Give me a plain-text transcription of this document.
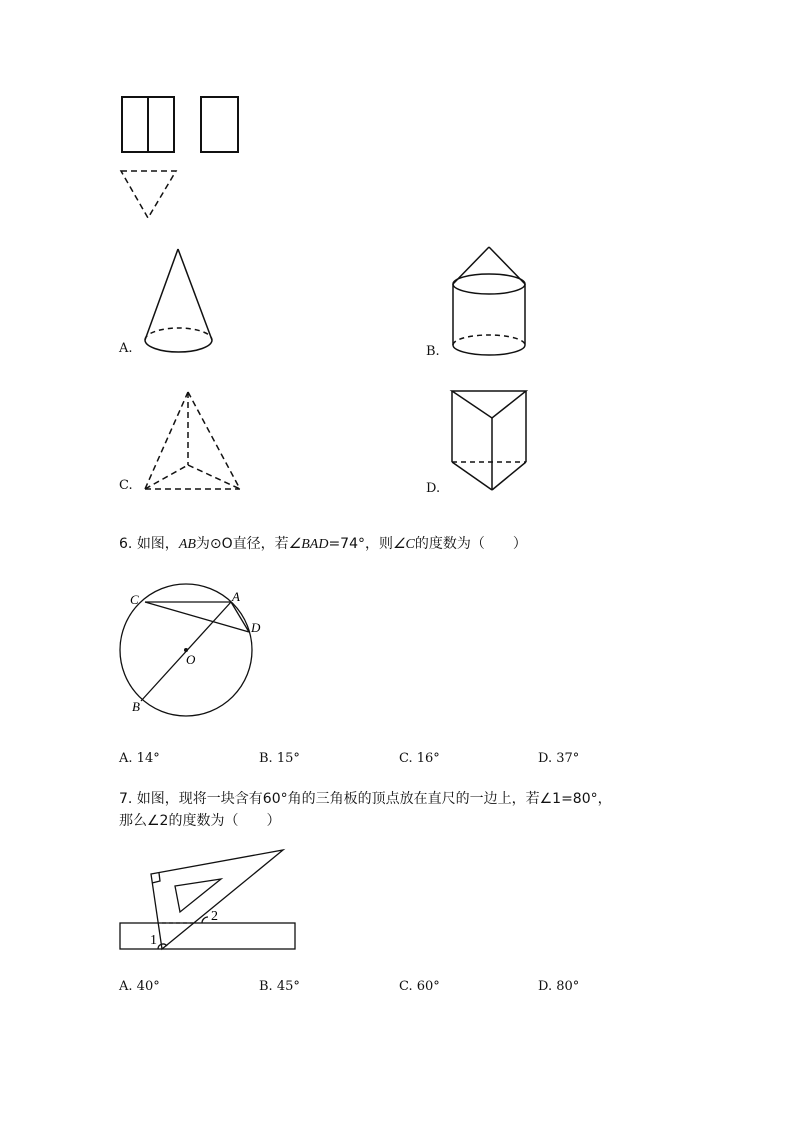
A.	B.
C.	D.
6. 如图，AB为⊙O直径，若∠BAD=74°，则∠C的度数为（　　）
C	A
D
O
B
A. 14°	B. 15°	C. 16°	D. 37°
7. 如图，现将一块含有60°角的三角板的顶点放在直尺的一边上，若∠1=80°，
那么∠2的度数为（　　）
1
2
A. 40°	B. 45°	C. 60°	D. 80°
